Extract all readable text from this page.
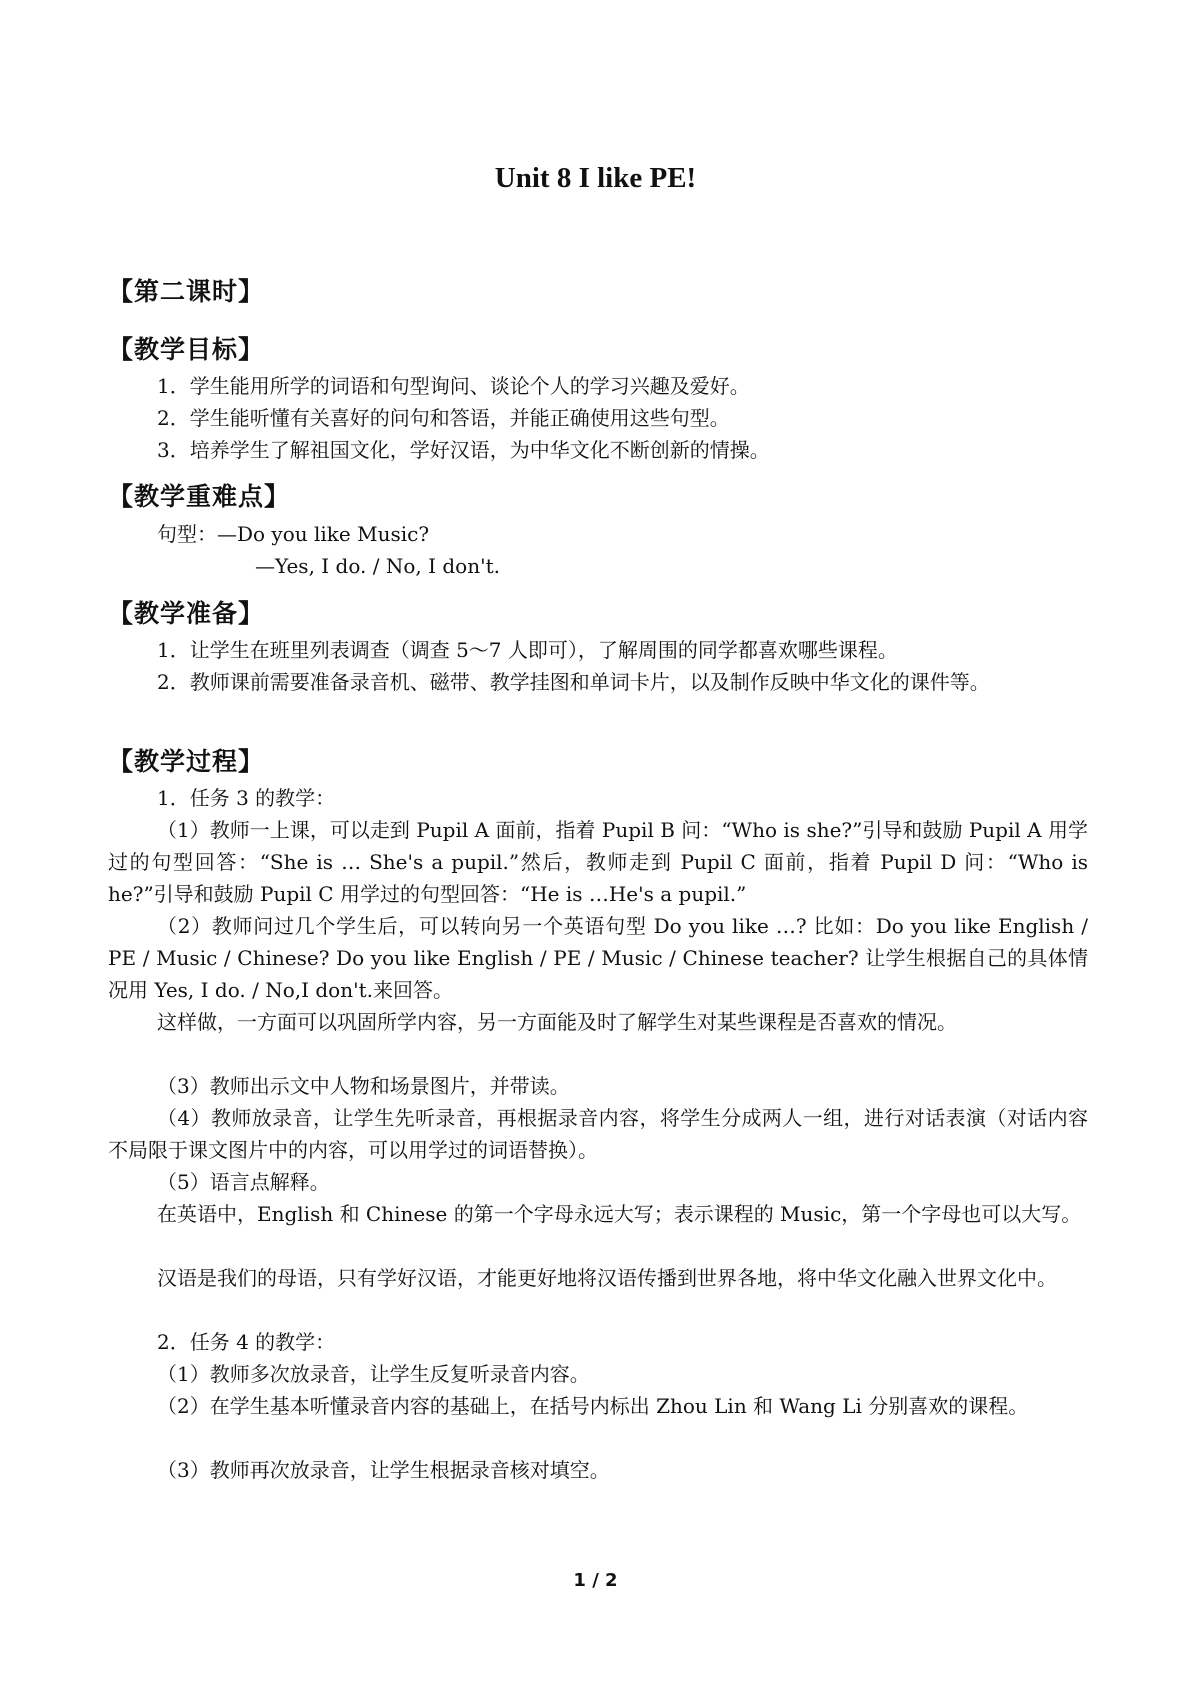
Unit 8 I like PE!
【第二课时】
【教学目标】
1．学生能用所学的词语和句型询问、谈论个人的学习兴趣及爱好。
2．学生能听懂有关喜好的问句和答语，并能正确使用这些句型。
3．培养学生了解祖国文化，学好汉语，为中华文化不断创新的情操。
【教学重难点】
句型：—Do you like Music?
—Yes, I do. / No, I don't.
【教学准备】
1．让学生在班里列表调查（调查 5～7 人即可），了解周围的同学都喜欢哪些课程。
2．教师课前需要准备录音机、磁带、教学挂图和单词卡片，以及制作反映中华文化的课件等。
【教学过程】
1．任务 3 的教学：
（1）教师一上课，可以走到 Pupil A 面前，指着 Pupil B 问：“Who is she?”引导和鼓励 Pupil A 用学过的句型回答：“She is … She's a pupil.”然后，教师走到 Pupil C 面前，指着 Pupil D 问：“Who is he?”引导和鼓励 Pupil C 用学过的句型回答：“He is …He's a pupil.”
（2）教师问过几个学生后，可以转向另一个英语句型 Do you like …? 比如：Do you like English / PE / Music / Chinese? Do you like English / PE / Music / Chinese teacher? 让学生根据自己的具体情况用 Yes, I do. / No,I don't.来回答。
这样做，一方面可以巩固所学内容，另一方面能及时了解学生对某些课程是否喜欢的情况。
（3）教师出示文中人物和场景图片，并带读。
（4）教师放录音，让学生先听录音，再根据录音内容，将学生分成两人一组，进行对话表演（对话内容不局限于课文图片中的内容，可以用学过的词语替换）。
（5）语言点解释。
在英语中，English 和 Chinese 的第一个字母永远大写；表示课程的 Music，第一个字母也可以大写。
汉语是我们的母语，只有学好汉语，才能更好地将汉语传播到世界各地，将中华文化融入世界文化中。
2．任务 4 的教学：
（1）教师多次放录音，让学生反复听录音内容。
（2）在学生基本听懂录音内容的基础上，在括号内标出 Zhou Lin 和 Wang Li 分别喜欢的课程。
（3）教师再次放录音，让学生根据录音核对填空。
1 / 2
